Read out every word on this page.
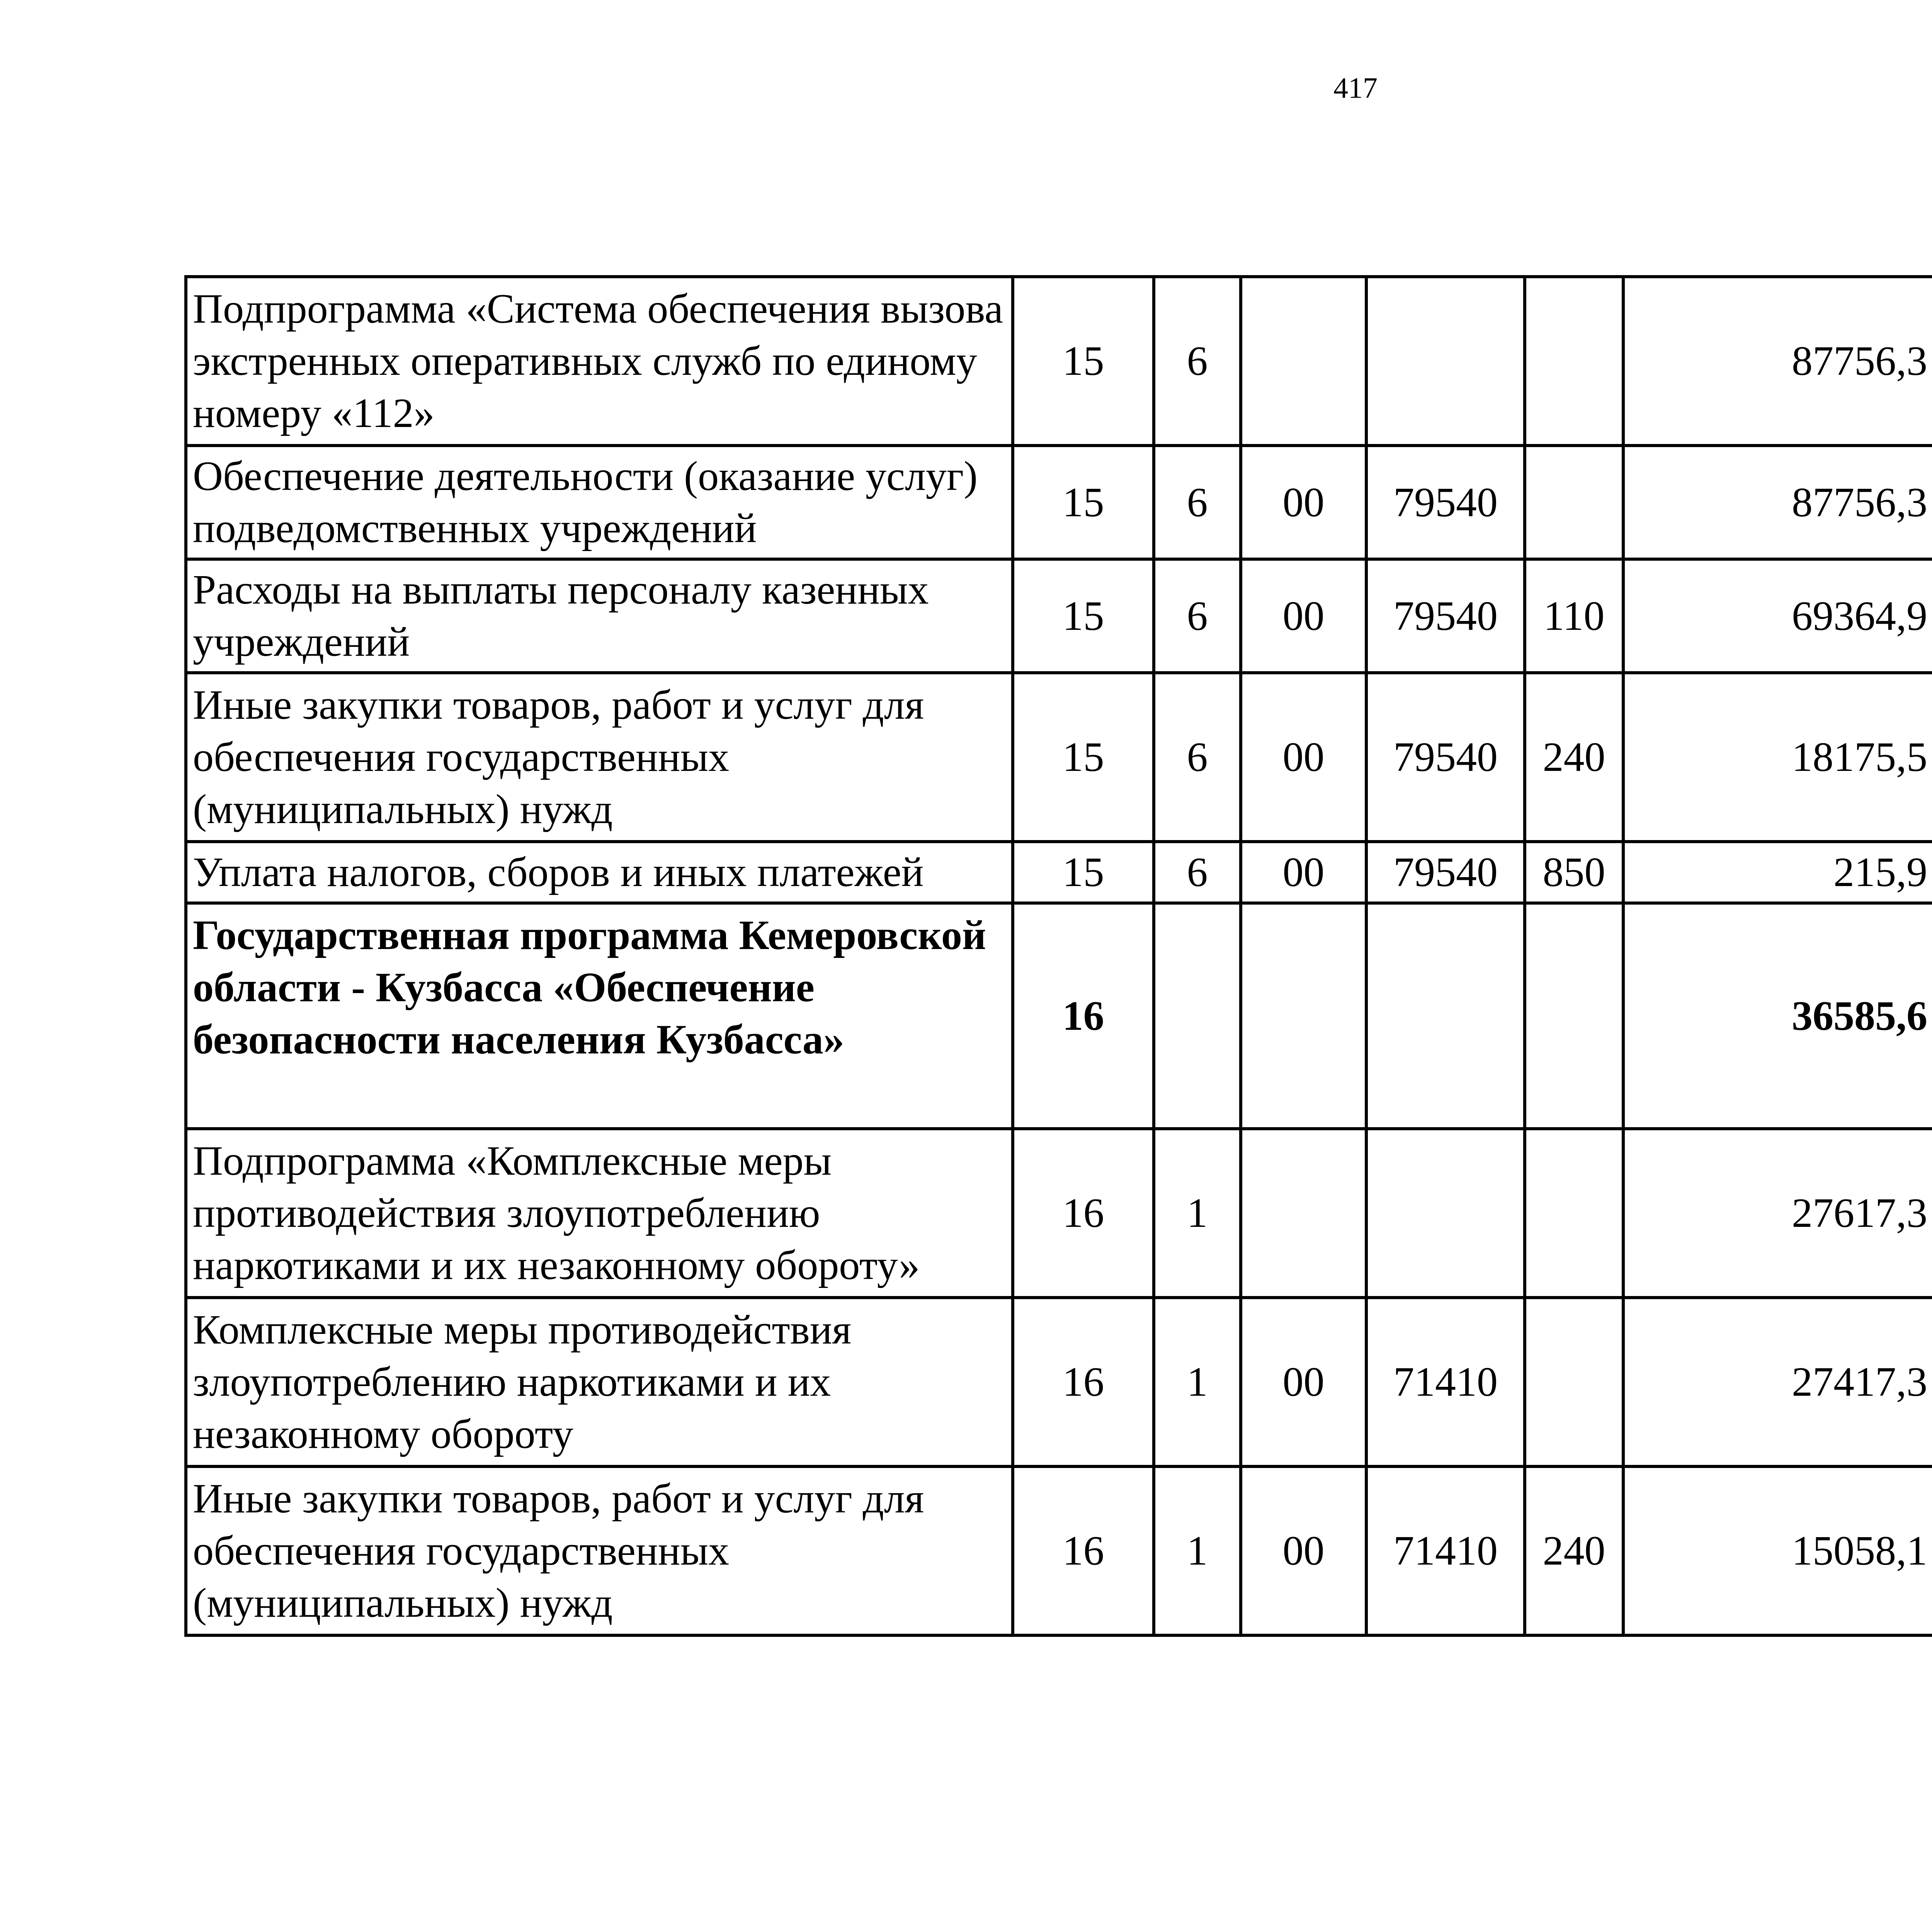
417
Подпрограмма «Система обеспечения вызова экстренных оперативных служб по единому номеру «112»	15	6				87756,3		
Обеспечение деятельности (оказание услуг) подведомственных учреждений	15	6	00	79540		87756,3		
Расходы на выплаты персоналу казенных учреждений	15	6	00	79540	110	69364,9		
Иные закупки товаров, работ и услуг для обеспечения государственных (муниципальных) нужд	15	6	00	79540	240	18175,5		
Уплата налогов, сборов и иных платежей	15	6	00	79540	850	215,9		
Государственная программа Кемеровской области - Кузбасса «Обеспечение безопасности населения Кузбасса»	16					36585,6		
Подпрограмма «Комплексные меры противодействия злоупотреблению наркотиками и их незаконному обороту»	16	1				27617,3		
Комплексные меры противодействия злоупотреблению наркотиками и их незаконному обороту	16	1	00	71410		27417,3		
Иные закупки товаров, работ и услуг для обеспечения государственных (муниципальных) нужд	16	1	00	71410	240	15058,1		
